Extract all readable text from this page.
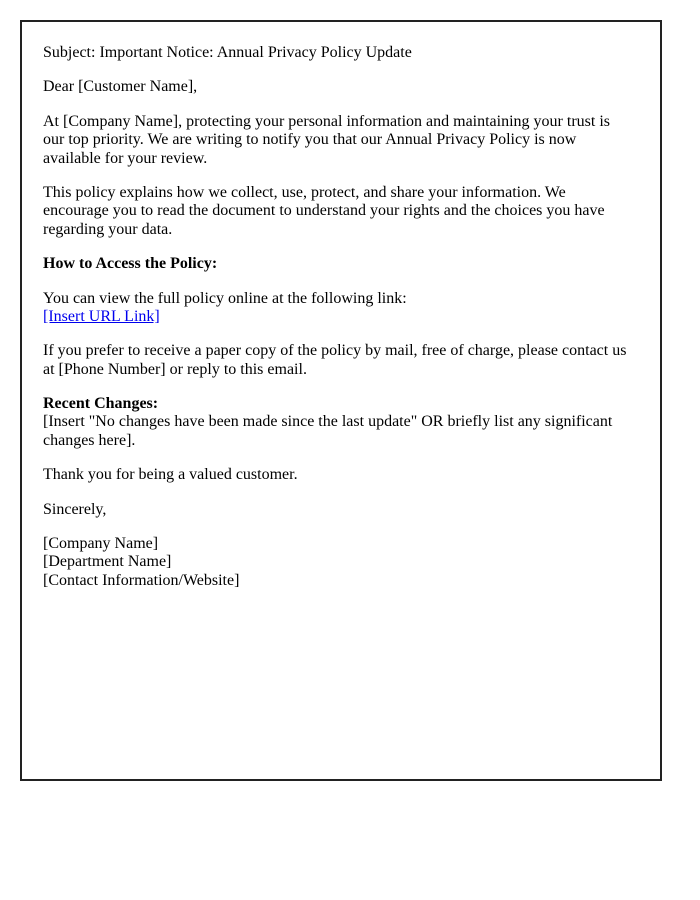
Subject: Important Notice: Annual Privacy Policy Update

Dear [Customer Name],

At [Company Name], protecting your personal information and maintaining your trust is
our top priority. We are writing to notify you that our Annual Privacy Policy is now
available for your review.

This policy explains how we collect, use, protect, and share your information. We
encourage you to read the document to understand your rights and the choices you have
regarding your data.

How to Access the Policy:

You can view the full policy online at the following link:
[Insert URL Link]

If you prefer to receive a paper copy of the policy by mail, free of charge, please contact us
at [Phone Number] or reply to this email.

Recent Changes:
[Insert "No changes have been made since the last update" OR briefly list any significant
changes here].

Thank you for being a valued customer.

Sincerely,

[Company Name]
[Department Name]
[Contact Information/Website]
